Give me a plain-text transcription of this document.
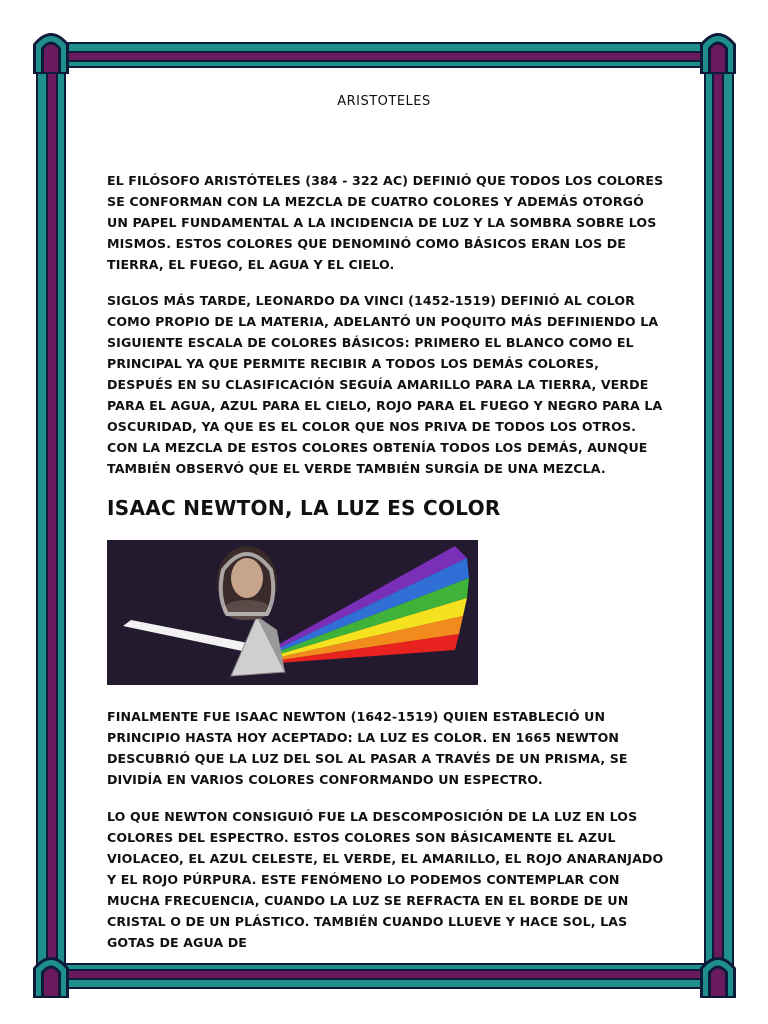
ARISTOTELES

EL FILÓSOFO ARISTÓTELES (384 - 322 AC) DEFINIÓ QUE TODOS LOS COLORES SE CONFORMAN CON LA MEZCLA DE CUATRO COLORES Y ADEMÁS OTORGÓ UN PAPEL FUNDAMENTAL A LA INCIDENCIA DE LUZ Y LA SOMBRA SOBRE LOS MISMOS. ESTOS COLORES QUE DENOMINÓ COMO BÁSICOS ERAN LOS DE TIERRA, EL FUEGO, EL AGUA Y EL CIELO.

SIGLOS MÁS TARDE, LEONARDO DA VINCI (1452-1519) DEFINIÓ AL COLOR COMO PROPIO DE LA MATERIA, ADELANTÓ UN POQUITO MÁS DEFINIENDO LA SIGUIENTE ESCALA DE COLORES BÁSICOS: PRIMERO EL BLANCO COMO EL PRINCIPAL YA QUE PERMITE RECIBIR A TODOS LOS DEMÁS COLORES, DESPUÉS EN SU CLASIFICACIÓN SEGUÍA AMARILLO PARA LA TIERRA, VERDE PARA EL AGUA, AZUL PARA EL CIELO, ROJO PARA EL FUEGO Y NEGRO PARA LA OSCURIDAD, YA QUE ES EL COLOR QUE NOS PRIVA DE TODOS LOS OTROS. CON LA MEZCLA DE ESTOS COLORES OBTENÍA TODOS LOS DEMÁS, AUNQUE TAMBIÉN OBSERVÓ QUE EL VERDE TAMBIÉN SURGÍA DE UNA MEZCLA.

ISAAC NEWTON, LA LUZ ES COLOR

FINALMENTE FUE ISAAC NEWTON (1642-1519) QUIEN ESTABLECIÓ UN PRINCIPIO HASTA HOY ACEPTADO: LA LUZ ES COLOR. EN 1665 NEWTON DESCUBRIÓ QUE LA LUZ DEL SOL AL PASAR A TRAVÉS DE UN PRISMA, SE DIVIDÍA EN VARIOS COLORES CONFORMANDO UN ESPECTRO.

LO QUE NEWTON CONSIGUIÓ FUE LA DESCOMPOSICIÓN DE LA LUZ EN LOS COLORES DEL ESPECTRO. ESTOS COLORES SON BÁSICAMENTE EL AZUL VIOLACEO, EL AZUL CELESTE, EL VERDE, EL AMARILLO, EL ROJO ANARANJADO Y EL ROJO PÚRPURA. ESTE FENÓMENO LO PODEMOS CONTEMPLAR CON MUCHA FRECUENCIA, CUANDO LA LUZ SE REFRACTA EN EL BORDE DE UN CRISTAL O DE UN PLÁSTICO. TAMBIÉN CUANDO LLUEVE Y HACE SOL, LAS GOTAS DE AGUA DE
